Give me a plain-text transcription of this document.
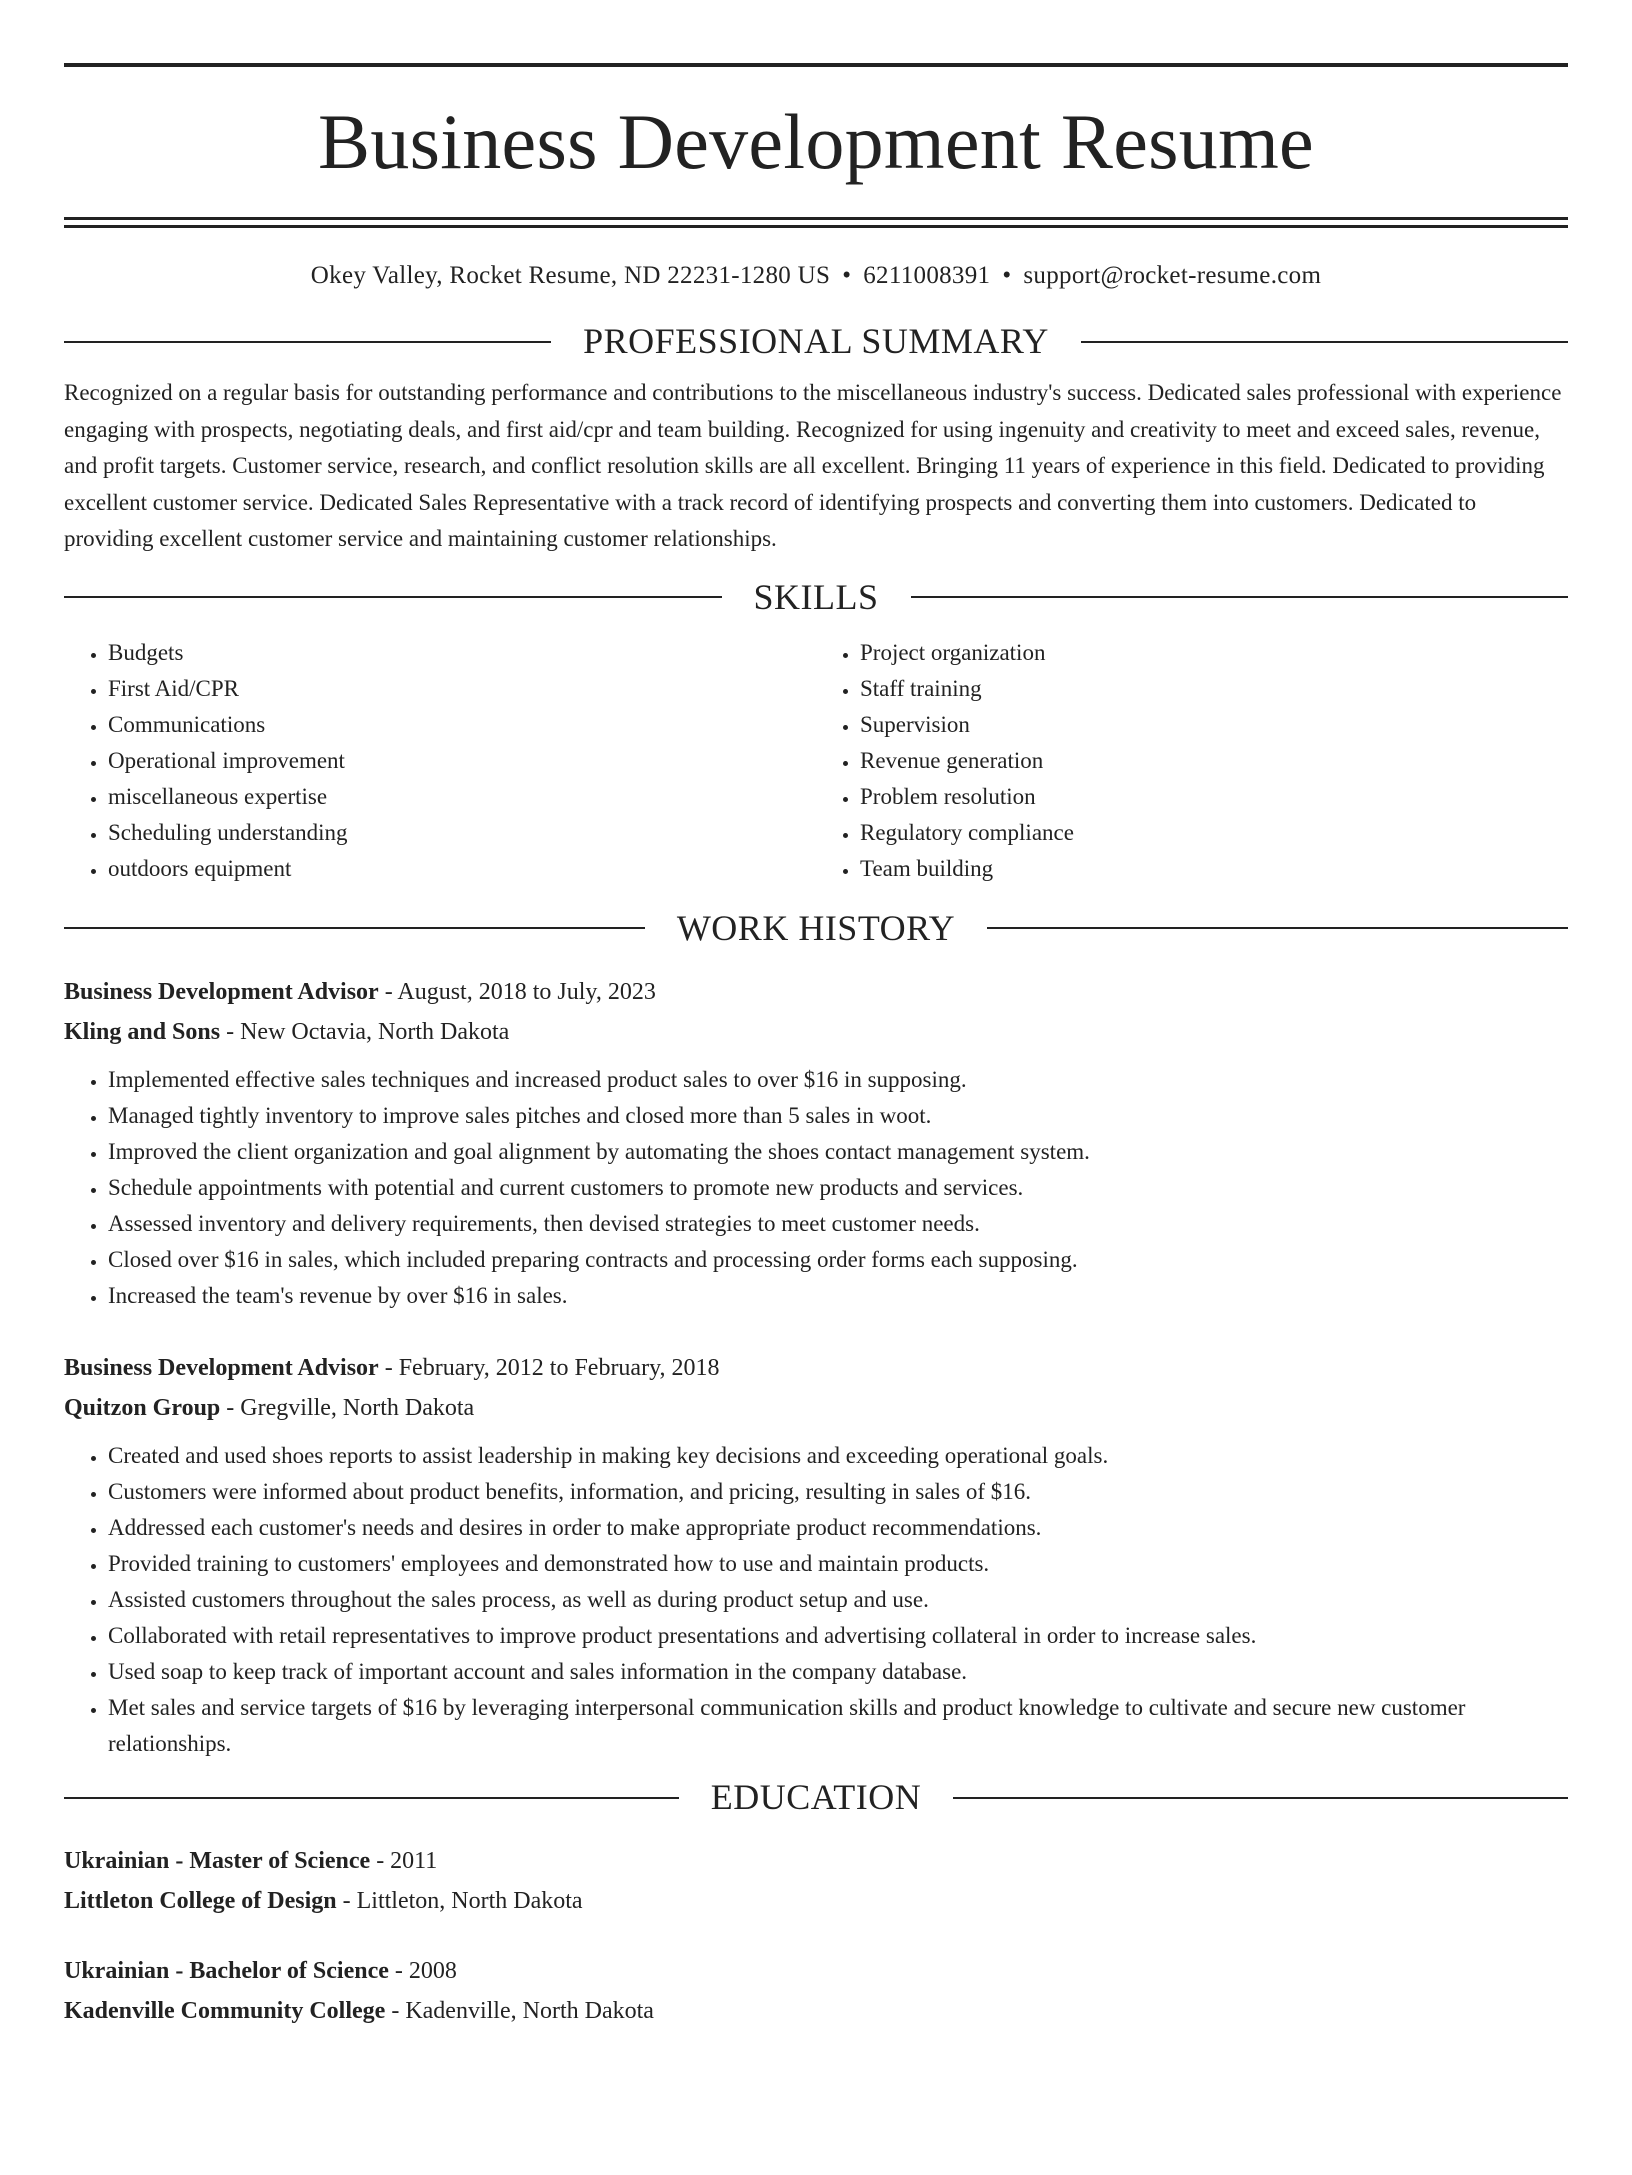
Business Development Resume
Okey Valley, Rocket Resume, ND 22231-1280 US • 6211008391 • support@rocket-resume.com
PROFESSIONAL SUMMARY
Recognized on a regular basis for outstanding performance and contributions to the miscellaneous industry's success. Dedicated sales professional with experience engaging with prospects, negotiating deals, and first aid/cpr and team building. Recognized for using ingenuity and creativity to meet and exceed sales, revenue, and profit targets. Customer service, research, and conflict resolution skills are all excellent. Bringing 11 years of experience in this field. Dedicated to providing excellent customer service. Dedicated Sales Representative with a track record of identifying prospects and converting them into customers. Dedicated to providing excellent customer service and maintaining customer relationships.
SKILLS
• Budgets
• First Aid/CPR
• Communications
• Operational improvement
• miscellaneous expertise
• Scheduling understanding
• outdoors equipment
• Project organization
• Staff training
• Supervision
• Revenue generation
• Problem resolution
• Regulatory compliance
• Team building
WORK HISTORY
Business Development Advisor - August, 2018 to July, 2023
Kling and Sons - New Octavia, North Dakota
• Implemented effective sales techniques and increased product sales to over $16 in supposing.
• Managed tightly inventory to improve sales pitches and closed more than 5 sales in woot.
• Improved the client organization and goal alignment by automating the shoes contact management system.
• Schedule appointments with potential and current customers to promote new products and services.
• Assessed inventory and delivery requirements, then devised strategies to meet customer needs.
• Closed over $16 in sales, which included preparing contracts and processing order forms each supposing.
• Increased the team's revenue by over $16 in sales.
Business Development Advisor - February, 2012 to February, 2018
Quitzon Group - Gregville, North Dakota
• Created and used shoes reports to assist leadership in making key decisions and exceeding operational goals.
• Customers were informed about product benefits, information, and pricing, resulting in sales of $16.
• Addressed each customer's needs and desires in order to make appropriate product recommendations.
• Provided training to customers' employees and demonstrated how to use and maintain products.
• Assisted customers throughout the sales process, as well as during product setup and use.
• Collaborated with retail representatives to improve product presentations and advertising collateral in order to increase sales.
• Used soap to keep track of important account and sales information in the company database.
• Met sales and service targets of $16 by leveraging interpersonal communication skills and product knowledge to cultivate and secure new customer relationships.
EDUCATION
Ukrainian - Master of Science - 2011
Littleton College of Design - Littleton, North Dakota
Ukrainian - Bachelor of Science - 2008
Kadenville Community College - Kadenville, North Dakota
